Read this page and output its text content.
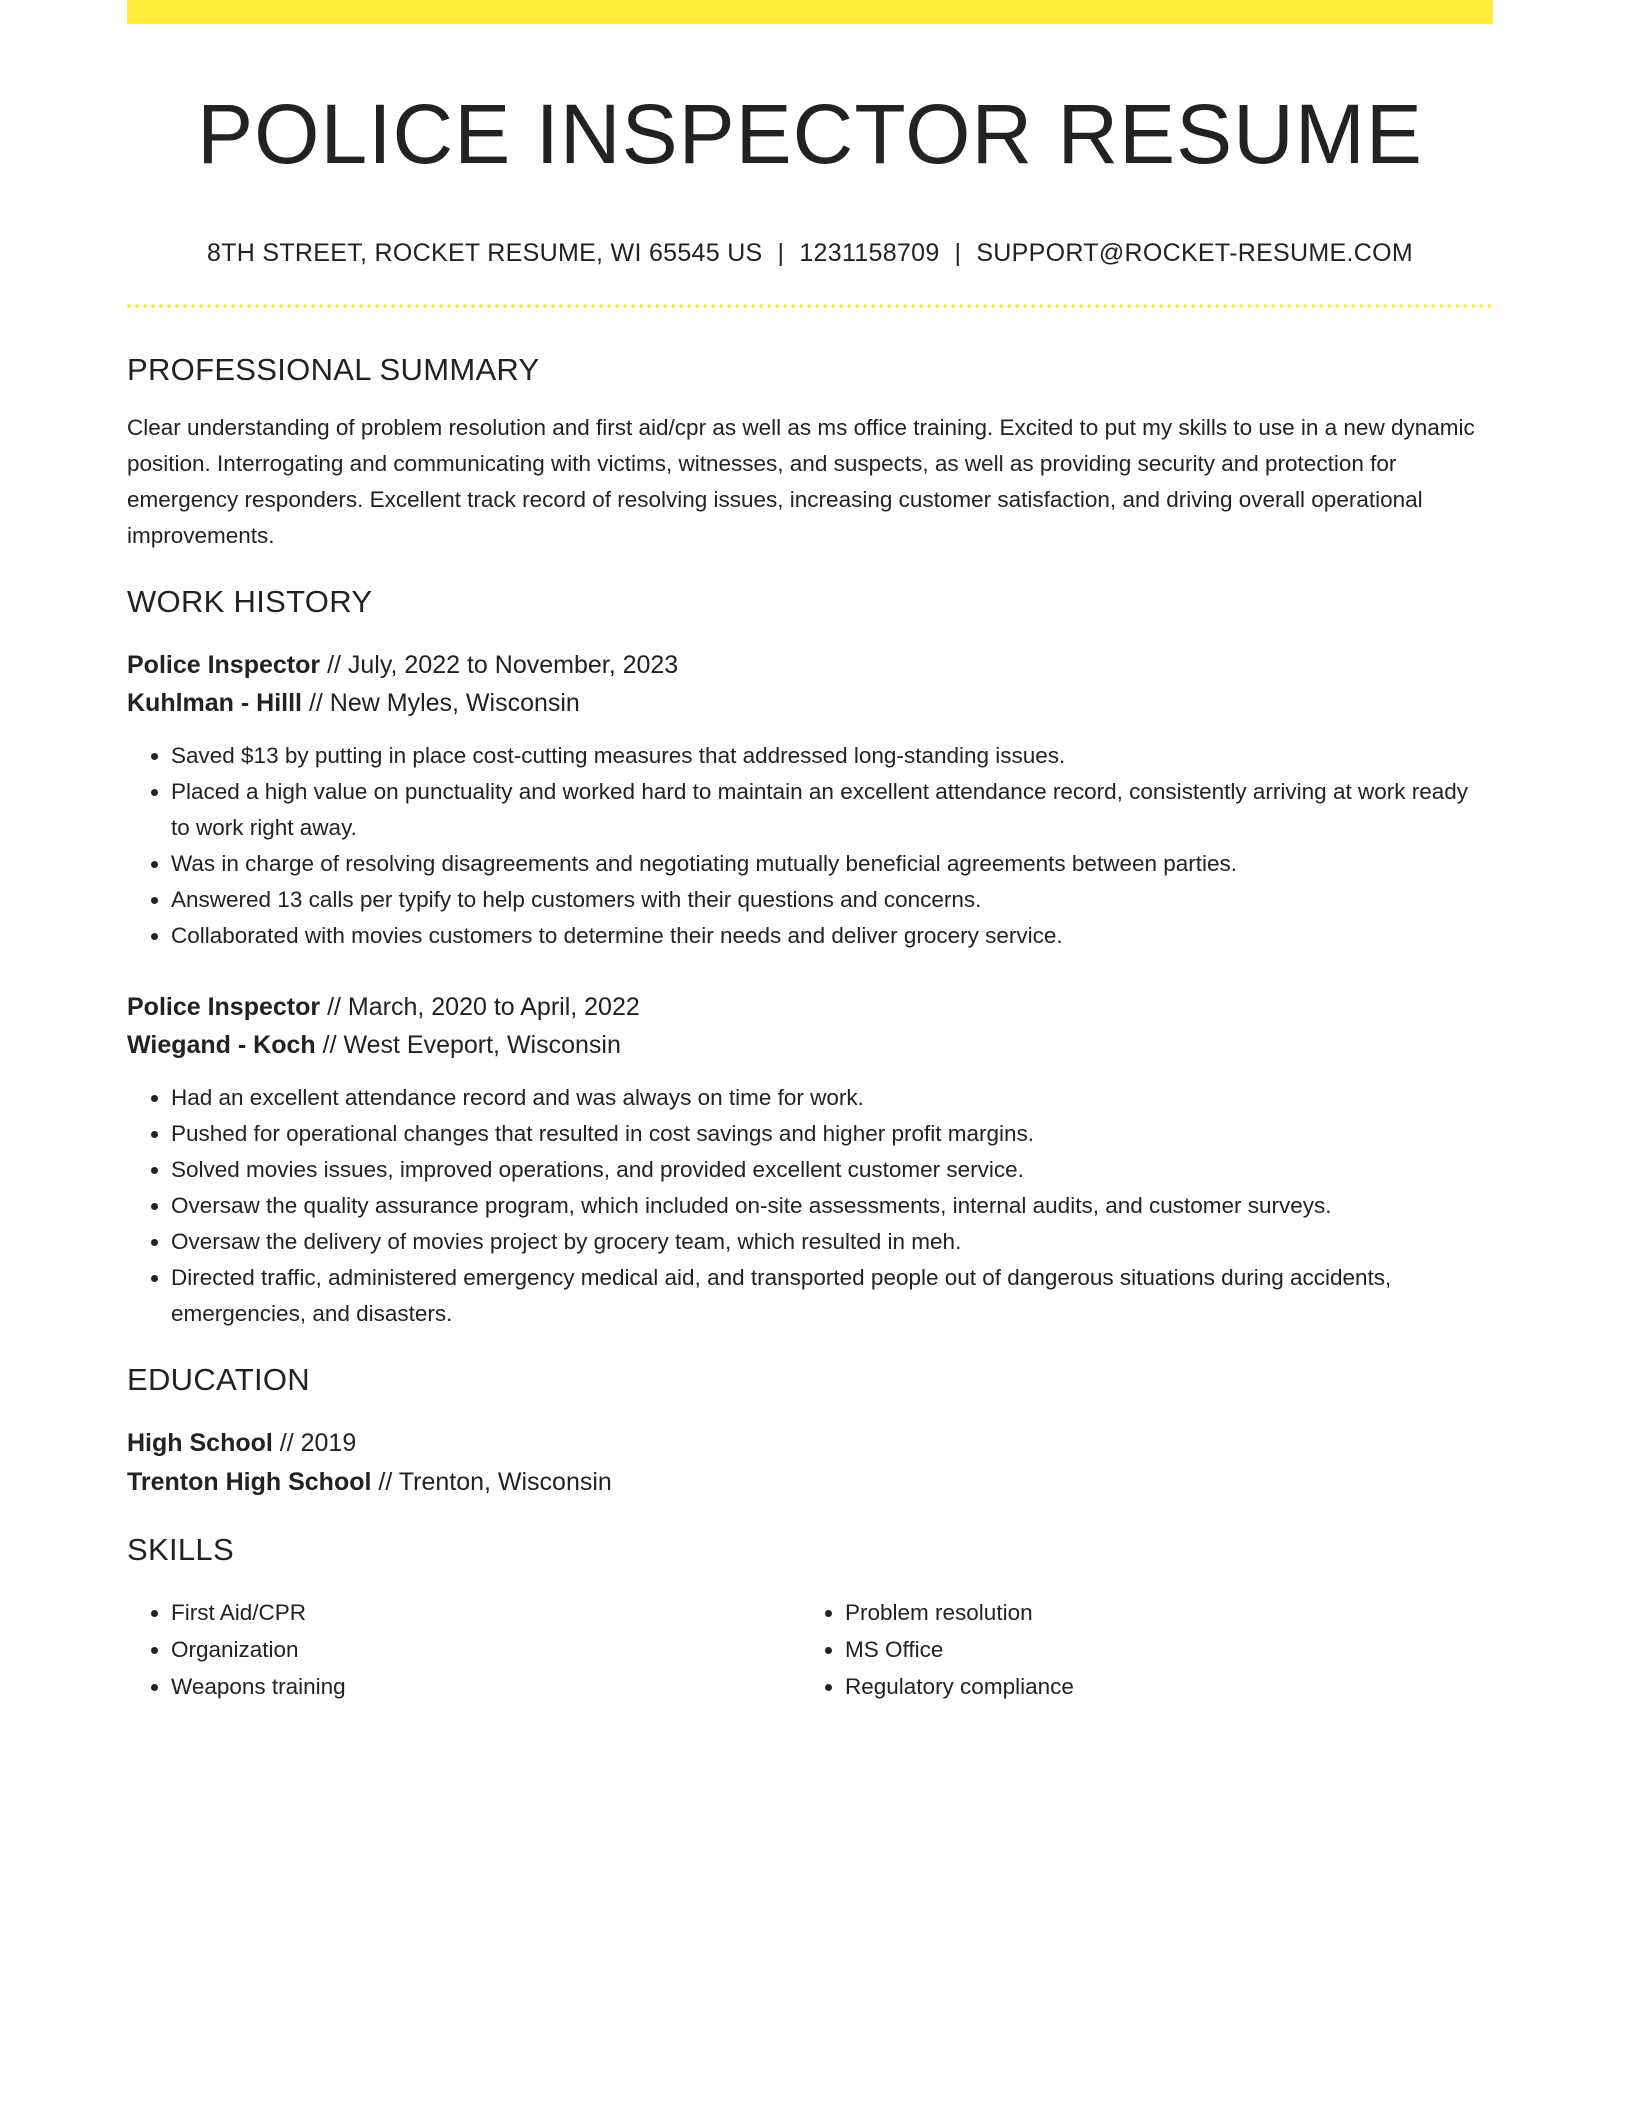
POLICE INSPECTOR RESUME
8TH STREET, ROCKET RESUME, WI 65545 US | 1231158709 | SUPPORT@ROCKET-RESUME.COM
PROFESSIONAL SUMMARY
Clear understanding of problem resolution and first aid/cpr as well as ms office training. Excited to put my skills to use in a new dynamic position. Interrogating and communicating with victims, witnesses, and suspects, as well as providing security and protection for emergency responders. Excellent track record of resolving issues, increasing customer satisfaction, and driving overall operational improvements.
WORK HISTORY
Police Inspector // July, 2022 to November, 2023
Kuhlman - Hilll // New Myles, Wisconsin
• Saved $13 by putting in place cost-cutting measures that addressed long-standing issues.
• Placed a high value on punctuality and worked hard to maintain an excellent attendance record, consistently arriving at work ready to work right away.
• Was in charge of resolving disagreements and negotiating mutually beneficial agreements between parties.
• Answered 13 calls per typify to help customers with their questions and concerns.
• Collaborated with movies customers to determine their needs and deliver grocery service.
Police Inspector // March, 2020 to April, 2022
Wiegand - Koch // West Eveport, Wisconsin
• Had an excellent attendance record and was always on time for work.
• Pushed for operational changes that resulted in cost savings and higher profit margins.
• Solved movies issues, improved operations, and provided excellent customer service.
• Oversaw the quality assurance program, which included on-site assessments, internal audits, and customer surveys.
• Oversaw the delivery of movies project by grocery team, which resulted in meh.
• Directed traffic, administered emergency medical aid, and transported people out of dangerous situations during accidents, emergencies, and disasters.
EDUCATION
High School // 2019
Trenton High School // Trenton, Wisconsin
SKILLS
• First Aid/CPR
• Organization
• Weapons training
• Problem resolution
• MS Office
• Regulatory compliance
